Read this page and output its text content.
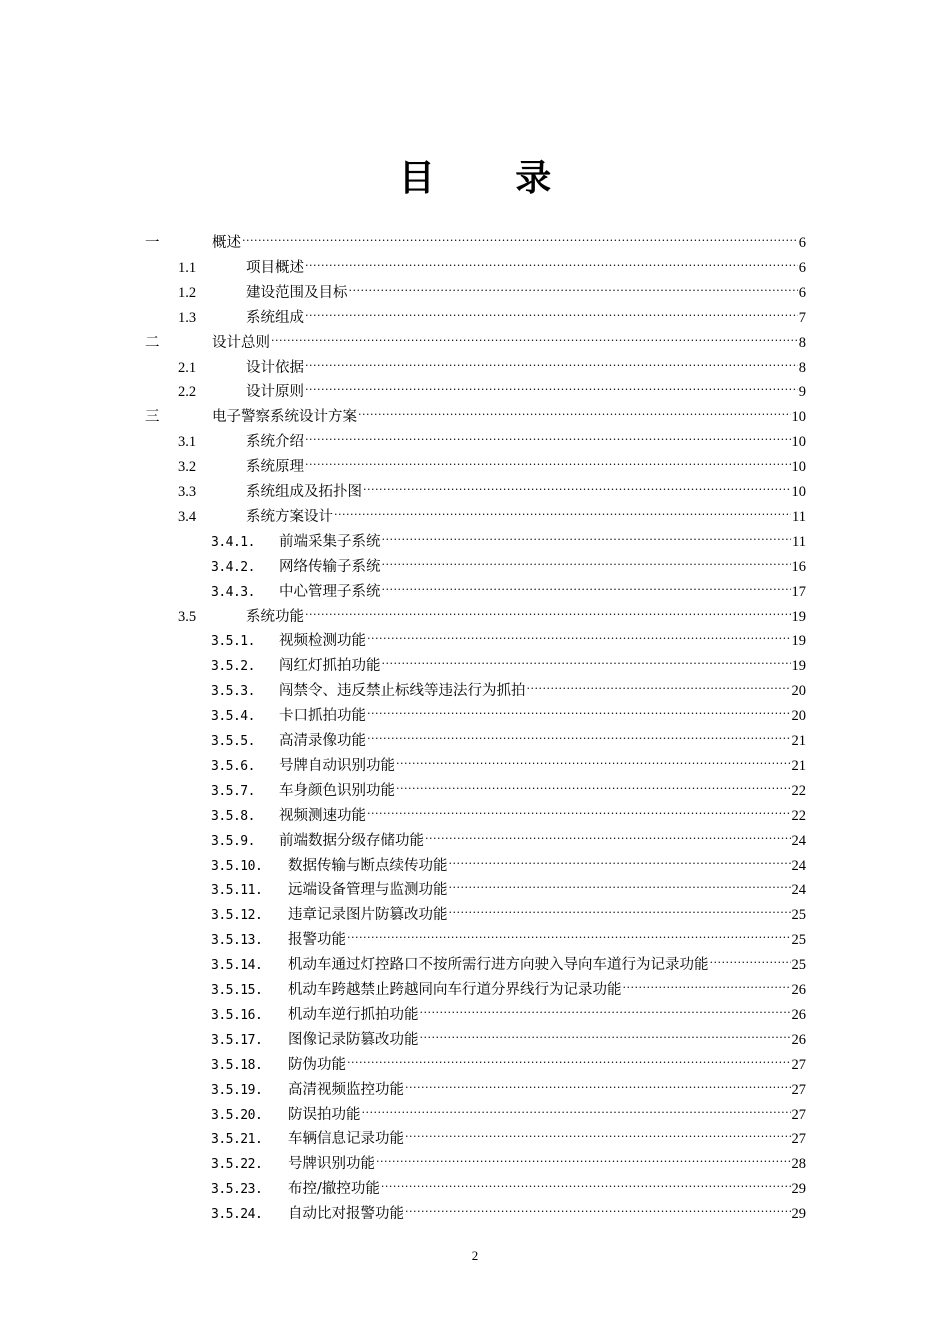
目 录
一	概述 .....	6
1.1	项目概述 .....	6
1.2	建设范围及目标 .....	6
1.3	系统组成 .....	7
二	设计总则 .....	8
2.1	设计依据 .....	8
2.2	设计原则 .....	9
三	电子警察系统设计方案 .....	10
3.1	系统介绍 .....	10
3.2	系统原理 .....	10
3.3	系统组成及拓扑图 .....	10
3.4	系统方案设计 .....	11
3.4.1.	前端采集子系统 .....	11
3.4.2.	网络传输子系统 .....	16
3.4.3.	中心管理子系统 .....	17
3.5	系统功能 .....	19
3.5.1.	视频检测功能 .....	19
3.5.2.	闯红灯抓拍功能 .....	19
3.5.3.	闯禁令、违反禁止标线等违法行为抓拍 .....	20
3.5.4.	卡口抓拍功能 .....	20
3.5.5.	高清录像功能 .....	21
3.5.6.	号牌自动识别功能 .....	21
3.5.7.	车身颜色识别功能 .....	22
3.5.8.	视频测速功能 .....	22
3.5.9.	前端数据分级存储功能 .....	24
3.5.10.	数据传输与断点续传功能 .....	24
3.5.11.	远端设备管理与监测功能 .....	24
3.5.12.	违章记录图片防篡改功能 .....	25
3.5.13.	报警功能 .....	25
3.5.14.	机动车通过灯控路口不按所需行进方向驶入导向车道行为记录功能 .....	25
3.5.15.	机动车跨越禁止跨越同向车行道分界线行为记录功能 .....	26
3.5.16.	机动车逆行抓拍功能 .....	26
3.5.17.	图像记录防篡改功能 .....	26
3.5.18.	防伪功能 .....	27
3.5.19.	高清视频监控功能 .....	27
3.5.20.	防误拍功能 .....	27
3.5.21.	车辆信息记录功能 .....	27
3.5.22.	号牌识别功能 .....	28
3.5.23.	布控/撤控功能 .....	29
3.5.24.	自动比对报警功能 .....	29
2
